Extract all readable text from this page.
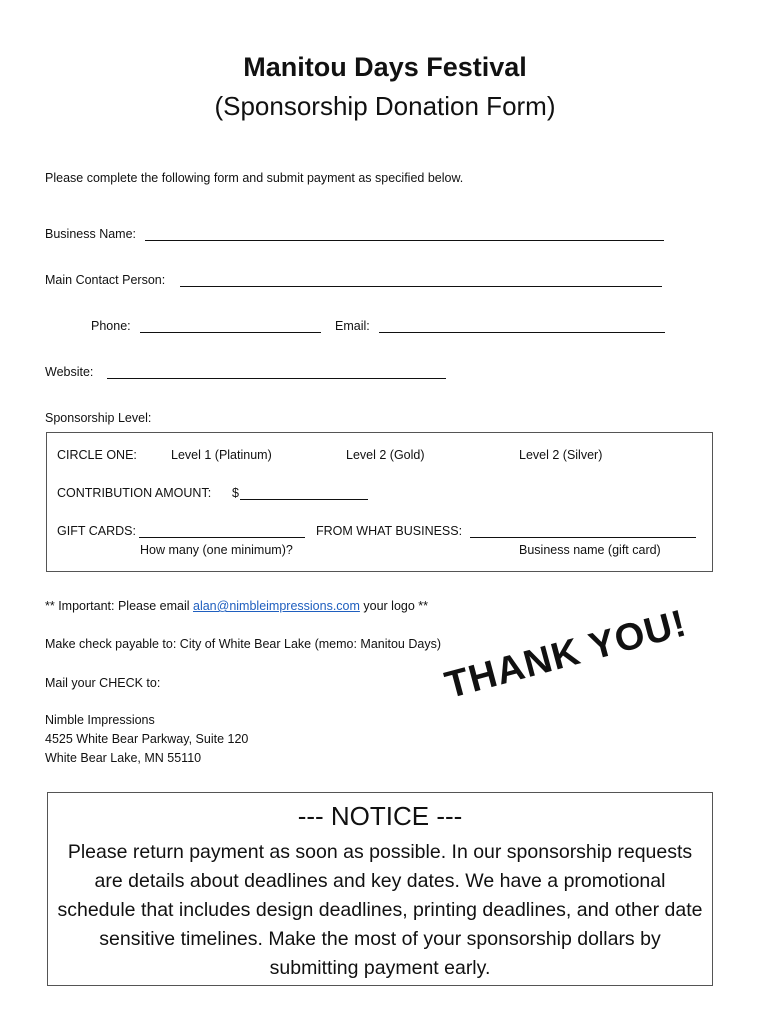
Manitou Days Festival
(Sponsorship Donation Form)
Please complete the following form and submit payment as specified below.
Business Name:
Main Contact Person:
Phone:	Email:
Website:
Sponsorship Level:
CIRCLE ONE:	Level 1 (Platinum)	Level 2 (Gold)	Level 2 (Silver)
CONTRIBUTION AMOUNT: $
GIFT CARDS:	FROM WHAT BUSINESS:
How many (one minimum)?	Business name (gift card)
** Important: Please email alan@nimbleimpressions.com your logo **
Make check payable to: City of White Bear Lake (memo: Manitou Days)
Mail your CHECK to:
Nimble Impressions
4525 White Bear Parkway, Suite 120
White Bear Lake, MN 55110
THANK YOU!
--- NOTICE ---
Please return payment as soon as possible. In our sponsorship requests are details about deadlines and key dates. We have a promotional schedule that includes design deadlines, printing deadlines, and other date sensitive timelines. Make the most of your sponsorship dollars by submitting payment early.
